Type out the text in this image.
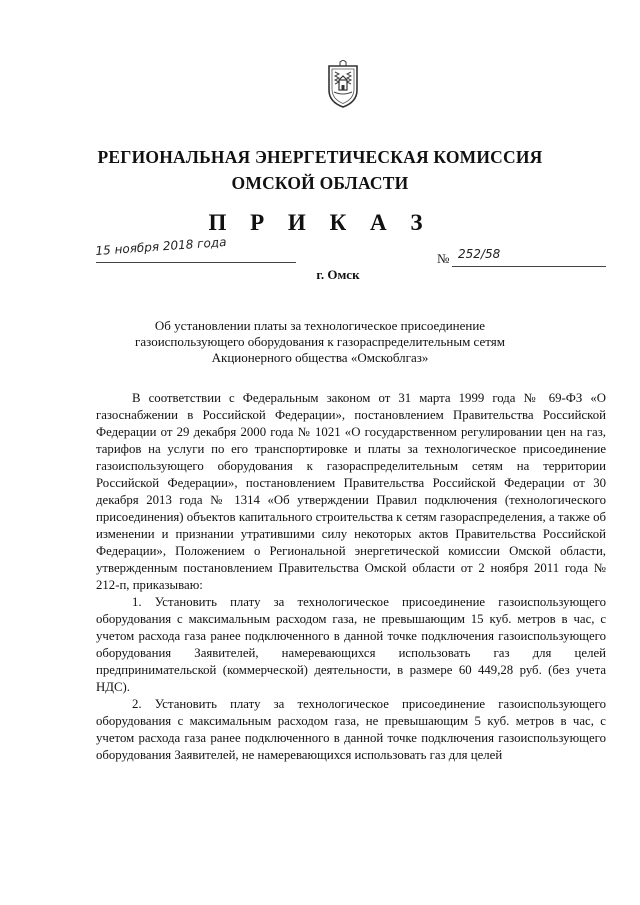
РЕГИОНАЛЬНАЯ ЭНЕРГЕТИЧЕСКАЯ КОМИССИЯ
ОМСКОЙ ОБЛАСТИ
П Р И К А З
15 ноября 2018 года
№ 252/58
г. Омск
Об установлении платы за технологическое присоединение
газоиспользующего оборудования к газораспределительным сетям
Акционерного общества «Омскоблгаз»

В соответствии с Федеральным законом от 31 марта 1999 года № 69-ФЗ «О газоснабжении в Российской Федерации», постановлением Правительства Российской Федерации от 29 декабря 2000 года № 1021 «О государственном регулировании цен на газ, тарифов на услуги по его транспортировке и платы за технологическое присоединение газоиспользующего оборудования к газораспределительным сетям на территории Российской Федерации», постановлением Правительства Российской Федерации от 30 декабря 2013 года № 1314 «Об утверждении Правил подключения (технологического присоединения) объектов капитального строительства к сетям газораспределения, а также об изменении и признании утратившими силу некоторых актов Правительства Российской Федерации», Положением о Региональной энергетической комиссии Омской области, утвержденным постановлением Правительства Омской области от 2 ноября 2011 года № 212-п, приказываю:

1. Установить плату за технологическое присоединение газоиспользующего оборудования с максимальным расходом газа, не превышающим 15 куб. метров в час, с учетом расхода газа ранее подключенного в данной точке подключения газоиспользующего оборудования Заявителей, намеревающихся использовать газ для целей предпринимательской (коммерческой) деятельности, в размере 60 449,28 руб. (без учета НДС).

2. Установить плату за технологическое присоединение газоиспользующего оборудования с максимальным расходом газа, не превышающим 5 куб. метров в час, с учетом расхода газа ранее подключенного в данной точке подключения газоиспользующего оборудования Заявителей, не намеревающихся использовать газ для целей
